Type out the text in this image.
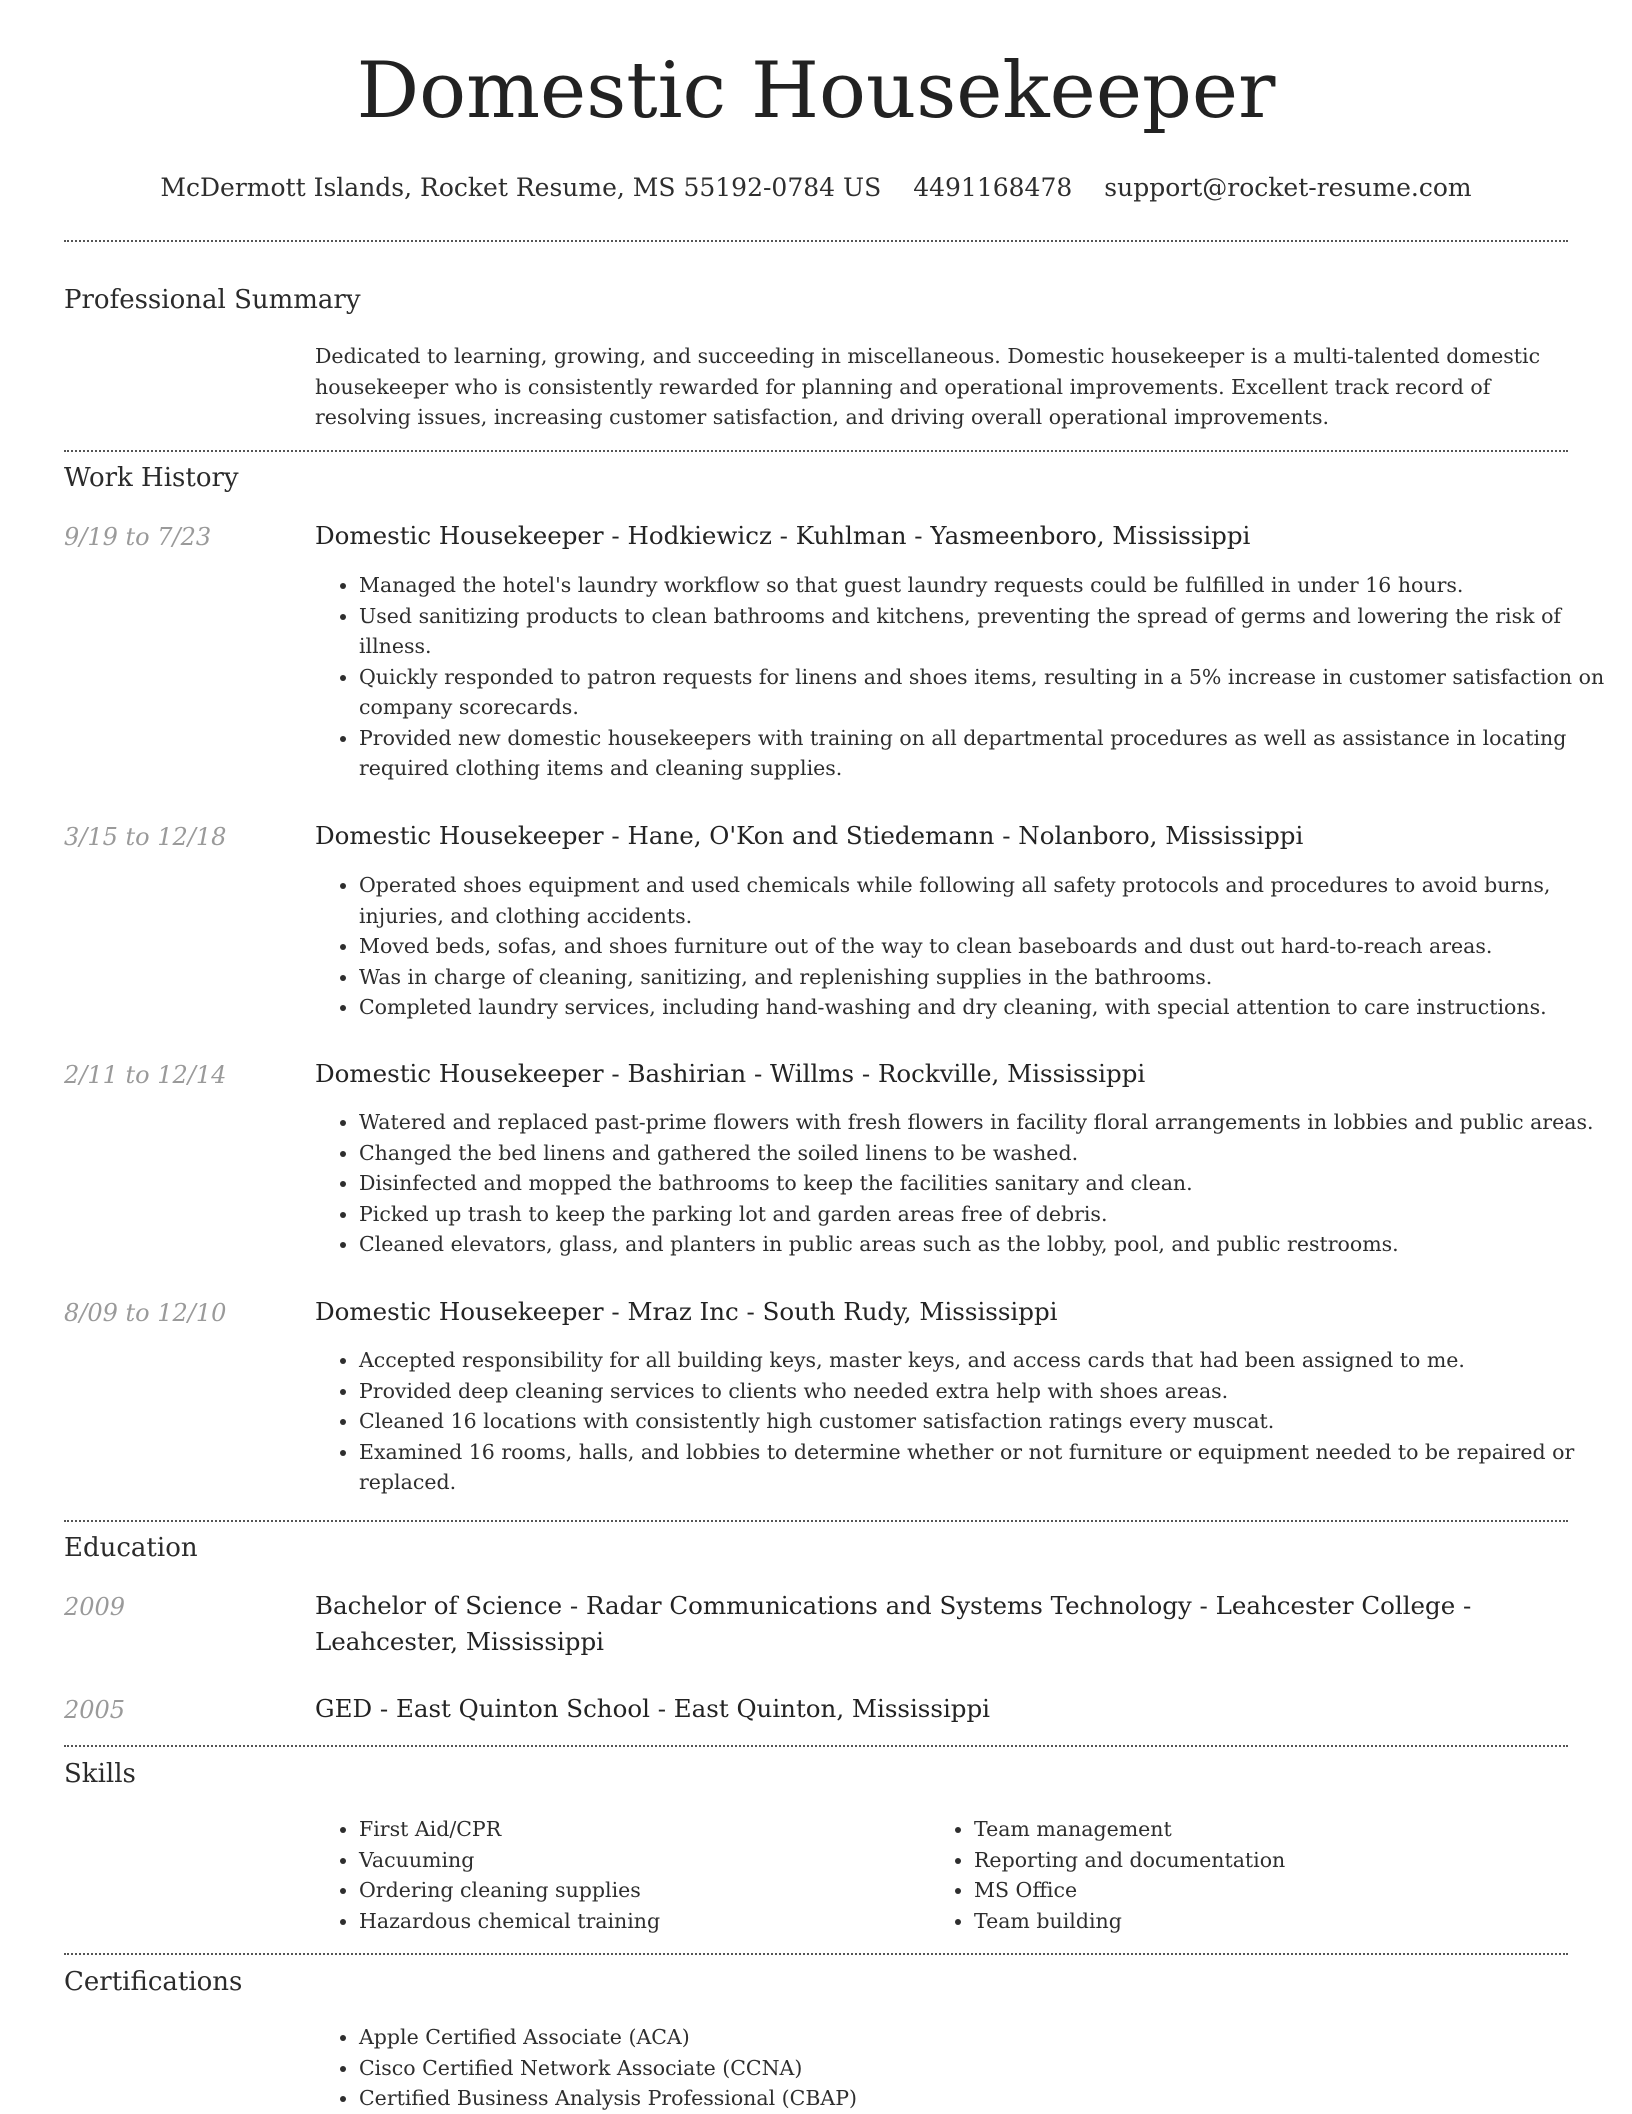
Domestic Housekeeper
McDermott Islands, Rocket Resume, MS 55192-0784 US 4491168478 support@rocket-resume.com
Professional Summary
Dedicated to learning, growing, and succeeding in miscellaneous. Domestic housekeeper is a multi-talented domestic housekeeper who is consistently rewarded for planning and operational improvements. Excellent track record of resolving issues, increasing customer satisfaction, and driving overall operational improvements.
Work History
9/19 to 7/23	Domestic Housekeeper - Hodkiewicz - Kuhlman - Yasmeenboro, Mississippi
• Managed the hotel's laundry workflow so that guest laundry requests could be fulfilled in under 16 hours.
• Used sanitizing products to clean bathrooms and kitchens, preventing the spread of germs and lowering the risk of illness.
• Quickly responded to patron requests for linens and shoes items, resulting in a 5% increase in customer satisfaction on company scorecards.
• Provided new domestic housekeepers with training on all departmental procedures as well as assistance in locating required clothing items and cleaning supplies.
3/15 to 12/18	Domestic Housekeeper - Hane, O'Kon and Stiedemann - Nolanboro, Mississippi
• Operated shoes equipment and used chemicals while following all safety protocols and procedures to avoid burns, injuries, and clothing accidents.
• Moved beds, sofas, and shoes furniture out of the way to clean baseboards and dust out hard-to-reach areas.
• Was in charge of cleaning, sanitizing, and replenishing supplies in the bathrooms.
• Completed laundry services, including hand-washing and dry cleaning, with special attention to care instructions.
2/11 to 12/14	Domestic Housekeeper - Bashirian - Willms - Rockville, Mississippi
• Watered and replaced past-prime flowers with fresh flowers in facility floral arrangements in lobbies and public areas.
• Changed the bed linens and gathered the soiled linens to be washed.
• Disinfected and mopped the bathrooms to keep the facilities sanitary and clean.
• Picked up trash to keep the parking lot and garden areas free of debris.
• Cleaned elevators, glass, and planters in public areas such as the lobby, pool, and public restrooms.
8/09 to 12/10	Domestic Housekeeper - Mraz Inc - South Rudy, Mississippi
• Accepted responsibility for all building keys, master keys, and access cards that had been assigned to me.
• Provided deep cleaning services to clients who needed extra help with shoes areas.
• Cleaned 16 locations with consistently high customer satisfaction ratings every muscat.
• Examined 16 rooms, halls, and lobbies to determine whether or not furniture or equipment needed to be repaired or replaced.
Education
2009	Bachelor of Science - Radar Communications and Systems Technology - Leahcester College - Leahcester, Mississippi
2005	GED - East Quinton School - East Quinton, Mississippi
Skills
• First Aid/CPR
• Vacuuming
• Ordering cleaning supplies
• Hazardous chemical training
• Team management
• Reporting and documentation
• MS Office
• Team building
Certifications
• Apple Certified Associate (ACA)
• Cisco Certified Network Associate (CCNA)
• Certified Business Analysis Professional (CBAP)
